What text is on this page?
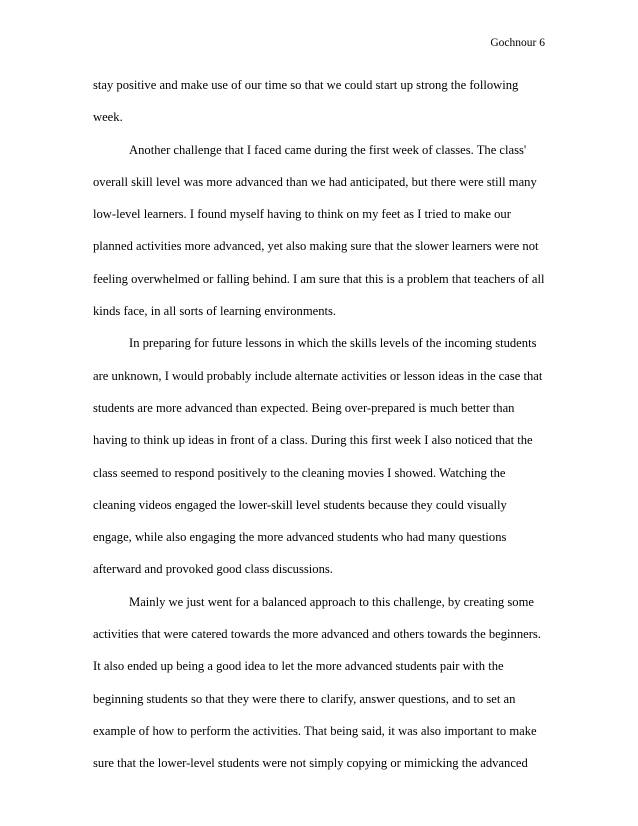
Gochnour 6
stay positive and make use of our time so that we could start up strong the following
week.
Another challenge that I faced came during the first week of classes. The class'
overall skill level was more advanced than we had anticipated, but there were still many
low-level learners. I found myself having to think on my feet as I tried to make our
planned activities more advanced, yet also making sure that the slower learners were not
feeling overwhelmed or falling behind. I am sure that this is a problem that teachers of all
kinds face, in all sorts of learning environments.
In preparing for future lessons in which the skills levels of the incoming students
are unknown, I would probably include alternate activities or lesson ideas in the case that
students are more advanced than expected. Being over-prepared is much better than
having to think up ideas in front of a class. During this first week I also noticed that the
class seemed to respond positively to the cleaning movies I showed. Watching the
cleaning videos engaged the lower-skill level students because they could visually
engage, while also engaging the more advanced students who had many questions
afterward and provoked good class discussions.
Mainly we just went for a balanced approach to this challenge, by creating some
activities that were catered towards the more advanced and others towards the beginners.
It also ended up being a good idea to let the more advanced students pair with the
beginning students so that they were there to clarify, answer questions, and to set an
example of how to perform the activities. That being said, it was also important to make
sure that the lower-level students were not simply copying or mimicking the advanced
